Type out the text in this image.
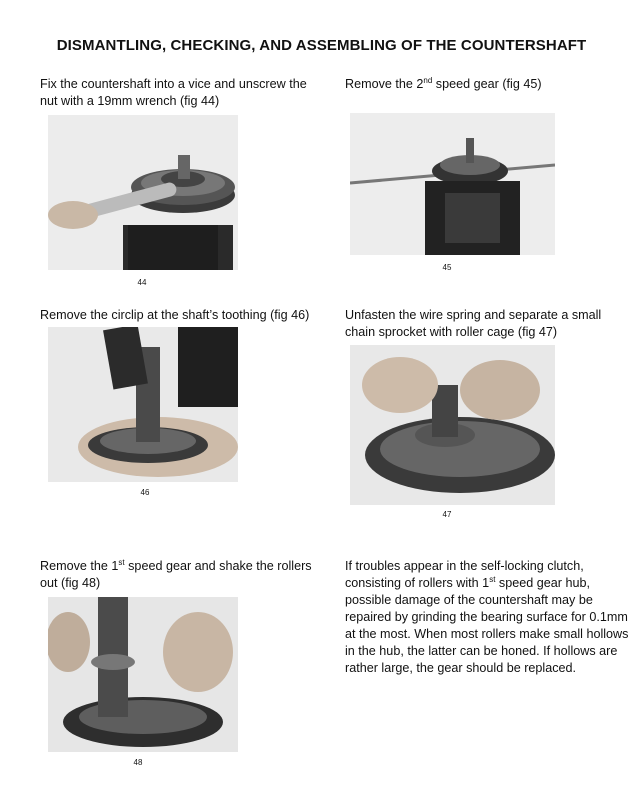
DISMANTLING, CHECKING, AND ASSEMBLING OF THE COUNTERSHAFT
Fix the countershaft into a vice and unscrew the nut with a 19mm wrench (fig 44)
44
Remove the 2nd speed gear (fig 45)
45
Remove the circlip at the shaft’s toothing (fig 46)
46
Unfasten the wire spring and separate a small chain sprocket with roller cage (fig 47)
47
Remove the 1st speed gear and shake the rollers out (fig 48)
48
If troubles appear in the self-locking clutch, consisting of rollers with 1st speed gear hub, possible damage of the countershaft may be repaired by grinding the bearing surface for 0.1mm at the most. When most rollers make small hollows in the hub, the latter can be honed. If hollows are rather large, the gear should be replaced.
